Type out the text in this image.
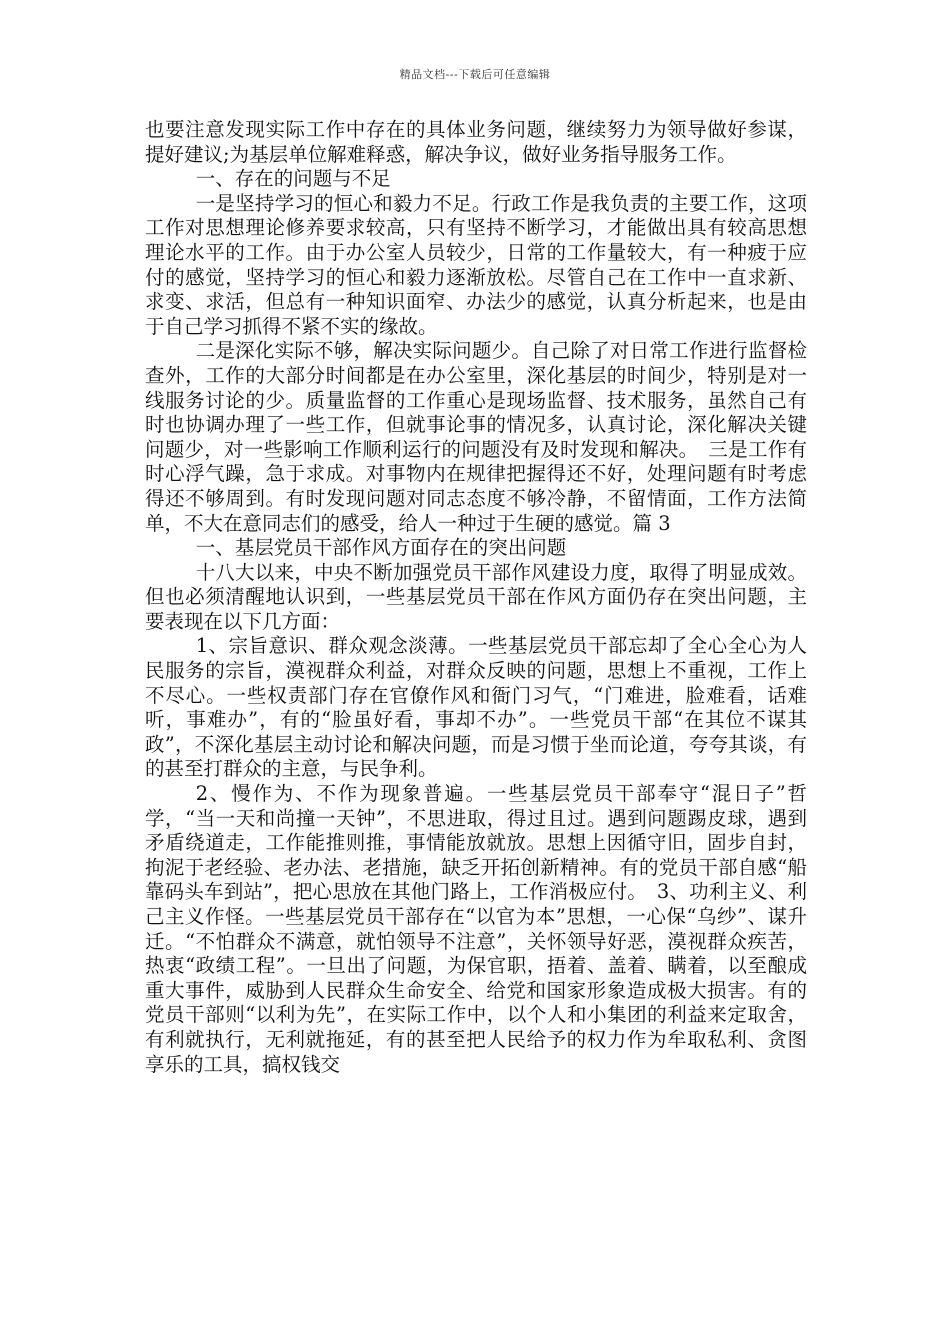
精品文档---下载后可任意编辑

也要注意发现实际工作中存在的具体业务问题，继续努力为领导做好参谋，提好建议;为基层单位解难释惑，解决争议，做好业务指导服务工作。

一、存在的问题与不足

一是坚持学习的恒心和毅力不足。行政工作是我负责的主要工作，这项工作对思想理论修养要求较高，只有坚持不断学习，才能做出具有较高思想理论水平的工作。由于办公室人员较少，日常的工作量较大，有一种疲于应付的感觉，坚持学习的恒心和毅力逐渐放松。尽管自己在工作中一直求新、求变、求活，但总有一种知识面窄、办法少的感觉，认真分析起来，也是由于自己学习抓得不紧不实的缘故。

二是深化实际不够，解决实际问题少。自己除了对日常工作进行监督检查外，工作的大部分时间都是在办公室里，深化基层的时间少，特别是对一线服务讨论的少。质量监督的工作重心是现场监督、技术服务，虽然自己有时也协调办理了一些工作，但就事论事的情况多，认真讨论，深化解决关键问题少，对一些影响工作顺利运行的问题没有及时发现和解决。　三是工作有时心浮气躁，急于求成。对事物内在规律把握得还不好，处理问题有时考虑得还不够周到。有时发现问题对同志态度不够冷静，不留情面，工作方法简单，不大在意同志们的感受，给人一种过于生硬的感觉。篇 3

一、基层党员干部作风方面存在的突出问题

十八大以来，中央不断加强党员干部作风建设力度，取得了明显成效。但也必须清醒地认识到，一些基层党员干部在作风方面仍存在突出问题，主要表现在以下几方面：

1、宗旨意识、群众观念淡薄。一些基层党员干部忘却了全心全心为人民服务的宗旨，漠视群众利益，对群众反映的问题，思想上不重视，工作上不尽心。一些权责部门存在官僚作风和衙门习气，“门难进，脸难看，话难听，事难办”，有的“脸虽好看，事却不办”。一些党员干部“在其位不谋其政”，不深化基层主动讨论和解决问题，而是习惯于坐而论道，夸夸其谈，有的甚至打群众的主意，与民争利。

2、慢作为、不作为现象普遍。一些基层党员干部奉守“混日子”哲学，“当一天和尚撞一天钟”，不思进取，得过且过。遇到问题踢皮球，遇到矛盾绕道走，工作能推则推，事情能放就放。思想上因循守旧，固步自封，拘泥于老经验、老办法、老措施，缺乏开拓创新精神。有的党员干部自感“船靠码头车到站”，把心思放在其他门路上，工作消极应付。　3、功利主义、利己主义作怪。一些基层党员干部存在“以官为本”思想，一心保“乌纱”、谋升迁。“不怕群众不满意，就怕领导不注意”，关怀领导好恶，漠视群众疾苦，热衷“政绩工程”。一旦出了问题，为保官职，捂着、盖着、瞒着，以至酿成重大事件，威胁到人民群众生命安全、给党和国家形象造成极大损害。有的党员干部则“以利为先”，在实际工作中，以个人和小集团的利益来定取舍，有利就执行，无利就拖延，有的甚至把人民给予的权力作为牟取私利、贪图享乐的工具，搞权钱交
